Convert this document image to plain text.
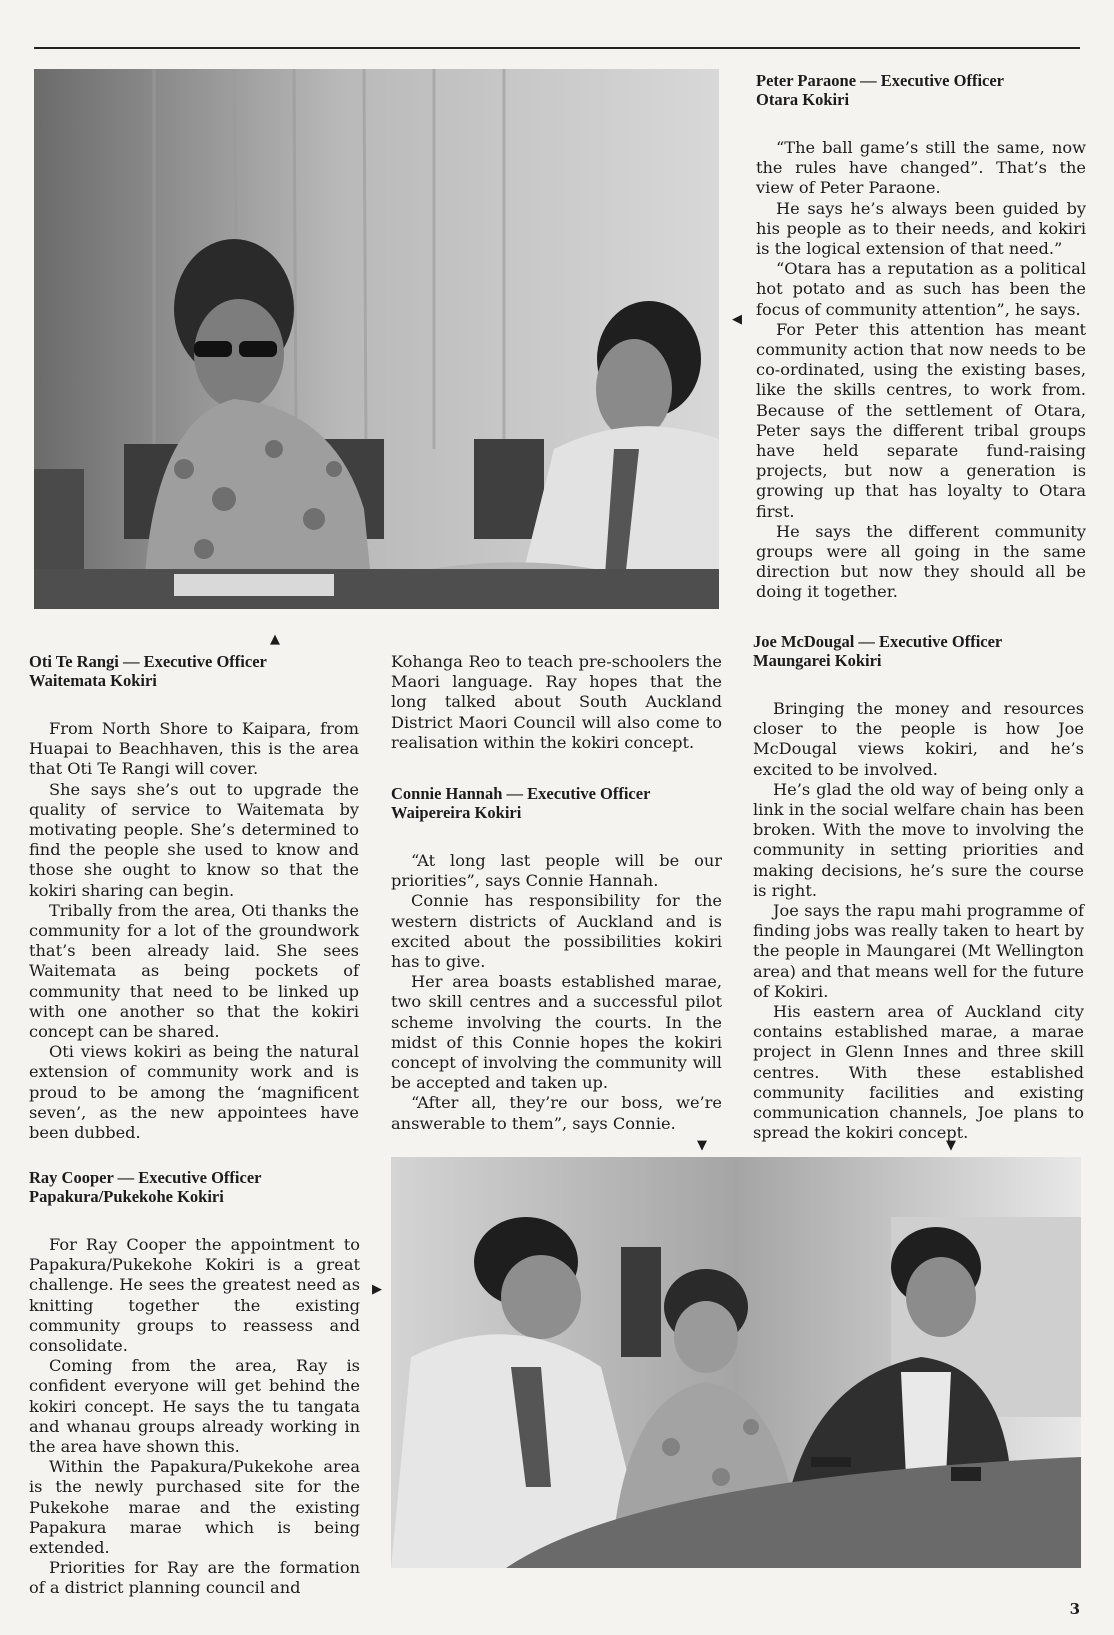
◀
▲
▼	▼
▶
Peter Paraone — Executive Officer
Otara Kokiri

“The ball game’s still the same, now the rules have changed”. That’s the view of Peter Paraone.

He says he’s always been guided by his people as to their needs, and kokiri is the logical extension of that need.”

“Otara has a reputation as a political hot potato and as such has been the focus of community attention”, he says.

For Peter this attention has meant community action that now needs to be co-ordinated, using the existing bases, like the skills centres, to work from. Because of the settlement of Otara, Peter says the different tribal groups have held separate fund-raising projects, but now a generation is growing up that has loyalty to Otara first.

He says the different community groups were all going in the same direction but now they should all be doing it together.

Oti Te Rangi — Executive Officer
Waitemata Kokiri

From North Shore to Kaipara, from Huapai to Beachhaven, this is the area that Oti Te Rangi will cover.

She says she’s out to upgrade the quality of service to Waitemata by motivating people. She’s determined to find the people she used to know and those she ought to know so that the kokiri sharing can begin.

Tribally from the area, Oti thanks the community for a lot of the groundwork that’s been already laid. She sees Waitemata as being pockets of community that need to be linked up with one another so that the kokiri concept can be shared.

Oti views kokiri as being the natural extension of community work and is proud to be among the ‘magnificent seven’, as the new appointees have been dubbed.

Kohanga Reo to teach pre-schoolers the Maori language. Ray hopes that the long talked about South Auckland District Maori Council will also come to realisation within the kokiri concept.

Connie Hannah — Executive Officer
Waipereira Kokiri

“At long last people will be our priorities”, says Connie Hannah.

Connie has responsibility for the western districts of Auckland and is excited about the possibilities kokiri has to give.

Her area boasts established marae, two skill centres and a successful pilot scheme involving the courts. In the midst of this Connie hopes the kokiri concept of involving the community will be accepted and taken up.

“After all, they’re our boss, we’re answerable to them”, says Connie.

Joe McDougal — Executive Officer
Maungarei Kokiri

Bringing the money and resources closer to the people is how Joe McDougal views kokiri, and he’s excited to be involved.

He’s glad the old way of being only a link in the social welfare chain has been broken. With the move to involving the community in setting priorities and making decisions, he’s sure the course is right.

Joe says the rapu mahi programme of finding jobs was really taken to heart by the people in Maungarei (Mt Wellington area) and that means well for the future of Kokiri.

His eastern area of Auckland city contains established marae, a marae project in Glenn Innes and three skill centres. With these established community facilities and existing communication channels, Joe plans to spread the kokiri concept.

Ray Cooper — Executive Officer
Papakura/Pukekohe Kokiri

For Ray Cooper the appointment to Papakura/Pukekohe Kokiri is a great challenge. He sees the greatest need as knitting together the existing community groups to reassess and consolidate.

Coming from the area, Ray is confident everyone will get behind the kokiri concept. He says the tu tangata and whanau groups already working in the area have shown this.

Within the Papakura/Pukekohe area is the newly purchased site for the Pukekohe marae and the existing Papakura marae which is being extended.

Priorities for Ray are the formation of a district planning council and

3
